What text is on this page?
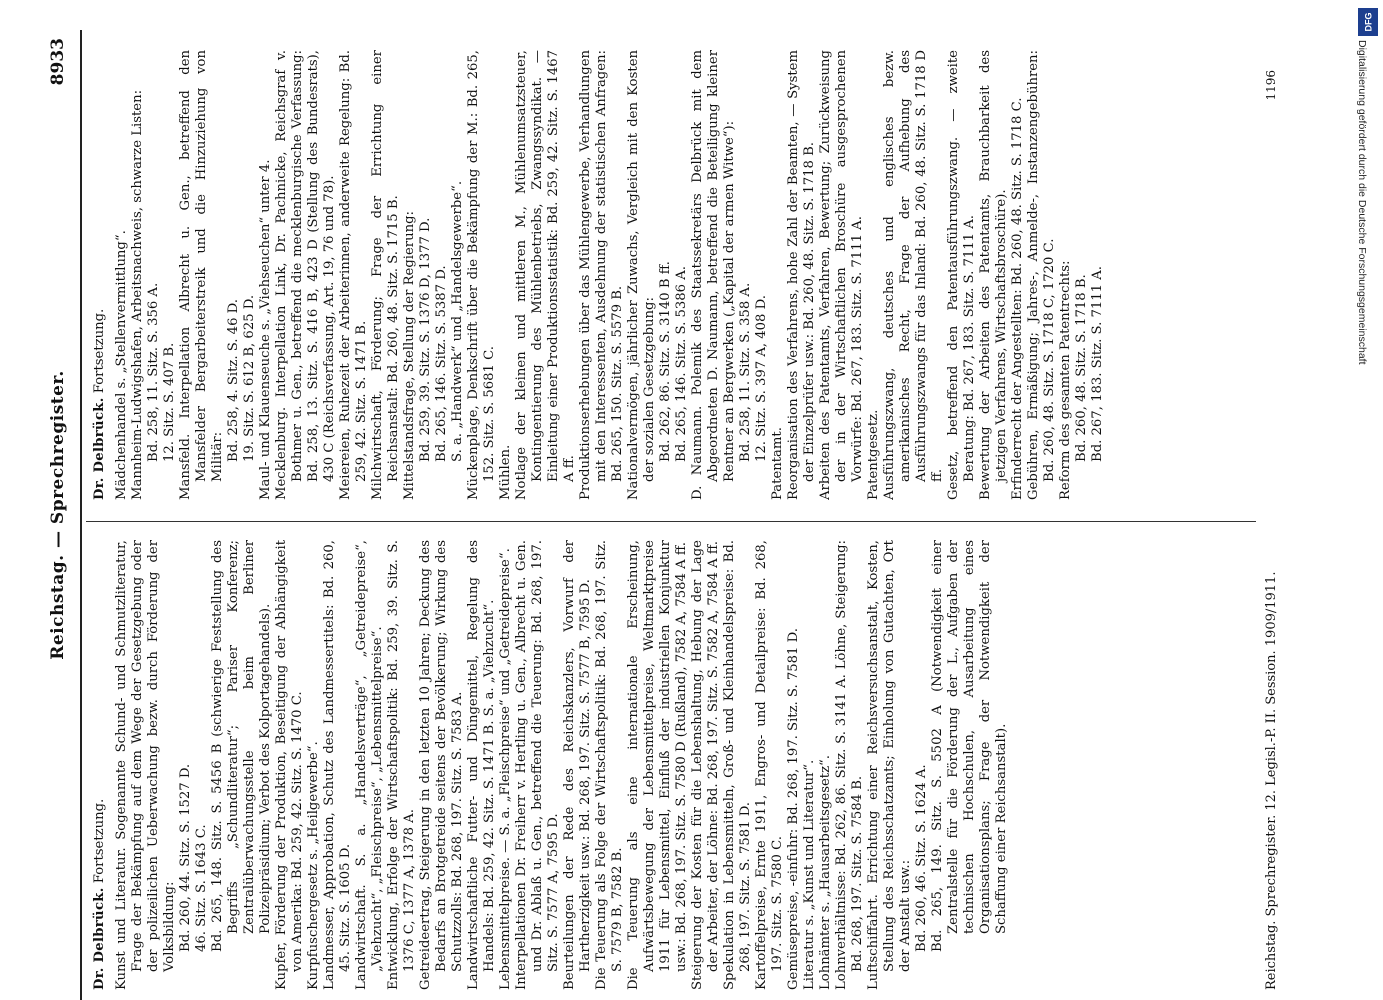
Reichstag. — Sprechregister.
8933
Dr. Delbrück. Fortsetzung. Kunst und Literatur. Sogenannte Schund- und Schmutzliteratur, Frage der Bekämpfung auf dem Wege der Gesetzgebung oder der polizeilichen Ueberwachung bezw. durch Förderung der Volksbildung: Bd. 260, 44. Sitz. S. 1527 D. 46. Sitz. S. 1643 C. Bd. 265, 148. Sitz. S. 5456 B (schwierige Feststellung des Begriffs „Schundliteratur“; Pariser Konferenz; Zentralüberwachungsstelle beim Berliner Polizeipräsidium; Verbot des Kolportagehandels). Kupfer, Förderung der Produktion, Beseitigung der Abhängigkeit von Amerika: Bd. 259, 42. Sitz. S. 1470 C. Kurpfuschergesetz s. „Heilgewerbe“. Landmesser, Approbation, Schutz des Landmessertitels: Bd. 260, 45. Sitz. S. 1605 D. Landwirtschaft. S. a. „Handelsverträge“, „Getreidepreise“, „Viehzucht“, „Fleischpreise“, „Lebensmittelpreise“. Entwicklung, Erfolge der Wirtschaftspolitik: Bd. 259, 39. Sitz. S. 1376 C, 1377 A, 1378 A. Getreideertrag, Steigerung in den letzten 10 Jahren; Deckung des Bedarfs an Brotgetreide seitens der Bevölkerung; Wirkung des Schutzzolls: Bd. 268, 197. Sitz. S. 7583 A. Landwirtschaftliche Futter- und Düngemittel, Regelung des Handels: Bd. 259, 42. Sitz. S. 1471 B. S. a. „Viehzucht“. Lebensmittelpreise. — S. a. „Fleischpreise“ und „Getreidepreise“. Interpellationen Dr. Freiherr v. Hertling u. Gen., Albrecht u. Gen. und Dr. Ablaß u. Gen., betreffend die Teuerung: Bd. 268, 197. Sitz. S. 7577 A, 7595 D. Beurteilungen der Rede des Reichskanzlers, Vorwurf der Hartherzigkeit usw.: Bd. 268, 197. Sitz. S. 7577 B, 7595 D. Die Teuerung als Folge der Wirtschaftspolitik: Bd. 268, 197. Sitz. S. 7579 B, 7582 B. Die Teuerung als eine internationale Erscheinung, Aufwärtsbewegung der Lebensmittelpreise, Weltmarktpreise 1911 für Lebensmittel, Einfluß der industriellen Konjunktur usw.: Bd. 268, 197. Sitz. S. 7580 D (Rußland), 7582 A, 7584 A ff. Steigerung der Kosten für die Lebenshaltung, Hebung der Lage der Arbeiter, der Löhne: Bd. 268, 197. Sitz. S. 7582 A, 7584 A ff. Spekulation in Lebensmitteln, Groß- und Kleinhandelspreise: Bd. 268, 197. Sitz. S. 7581 D. Kartoffelpreise, Ernte 1911, Engros- und Detailpreise: Bd. 268, 197. Sitz. S. 7580 C. Gemüsepreise, -einfuhr: Bd. 268, 197. Sitz. S. 7581 D. Literatur s. „Kunst und Literatur“. Lohnämter s. „Hausarbeitsgesetz“. Lohnverhältnisse: Bd. 262, 86. Sitz. S. 3141 A. Löhne, Steigerung: Bd. 268, 197. Sitz. S. 7584 B. Luftschiffahrt. Errichtung einer Reichsversuchsanstalt, Kosten, Stellung des Reichsschatzamts; Einholung von Gutachten, Ort der Anstalt usw.: Bd. 260, 46. Sitz. S. 1624 A. Bd. 265, 149. Sitz. S. 5502 A (Notwendigkeit einer Zentralstelle für die Förderung der L., Aufgaben der technischen Hochschulen, Ausarbeitung eines Organisationsplans; Frage der Notwendigkeit der Schaffung einer Reichsanstalt).

Dr. Delbrück. Fortsetzung. Mädchenhandel s. „Stellenvermittlung“. Mannheim-Ludwigshafen, Arbeitsnachweis, schwarze Listen: Bd. 258, 11. Sitz. S. 356 A. 12. Sitz. S. 407 B. Mansfeld. Interpellation Albrecht u. Gen., betreffend den Mansfelder Bergarbeiterstreik und die Hinzuziehung von Militär: Bd. 258, 4. Sitz. S. 46 D. 19. Sitz. S. 612 B, 625 D. Maul- und Klauenseuche s. „Viehseuchen“ unter 4. Mecklenburg. Interpellation Link, Dr. Pachnicke, Reichsgraf v. Bothmer u. Gen., betreffend die mecklenburgische Verfassung: Bd. 258, 13. Sitz. S. 416 B, 423 D (Stellung des Bundesrats), 430 C (Reichsverfassung, Art. 19, 76 und 78). Meiereien, Ruhezeit der Arbeiterinnen, anderweite Regelung: Bd. 259, 42. Sitz. S. 1471 B. Milchwirtschaft, Förderung; Frage der Errichtung einer Reichsanstalt: Bd. 260, 48. Sitz. S. 1715 B. Mittelstandsfrage, Stellung der Regierung: Bd. 259, 39. Sitz. S. 1376 D, 1377 D. Bd. 265, 146. Sitz. S. 5387 D. S. a. „Handwerk“ und „Handelsgewerbe“. Mückenplage, Denkschrift über die Bekämpfung der M.: Bd. 265, 152. Sitz. S. 5681 C. Mühlen. Notlage der kleinen und mittleren M., Mühlenumsatzsteuer, Kontingentierung des Mühlenbetriebs, Zwangssyndikat. — Einleitung einer Produktionsstatistik: Bd. 259, 42. Sitz. S. 1467 A ff. Produktionserhebungen über das Mühlengewerbe, Verhandlungen mit den Interessenten, Ausdehnung der statistischen Anfragen: Bd. 265, 150. Sitz. S. 5579 B. Nationalvermögen, jährlicher Zuwachs, Vergleich mit den Kosten der sozialen Gesetzgebung: Bd. 262, 86. Sitz. S. 3140 B ff. Bd. 265, 146. Sitz. S. 5386 A. D. Naumann. Polemik des Staatssekretärs Delbrück mit dem Abgeordneten D. Naumann, betreffend die Beteiligung kleiner Rentner an Bergwerken („Kapital der armen Witwe“): Bd. 258, 11. Sitz. S. 358 A. 12. Sitz. S. 397 A, 408 D.

Patentamt. Reorganisation des Verfahrens, hohe Zahl der Beamten, — System der Einzelprüfer usw.: Bd. 260, 48. Sitz. S. 1718 B. Arbeiten des Patentamts, Verfahren, Bewertung; Zurückweisung der in der Wirtschaftlichen Broschüre ausgesprochenen Vorwürfe: Bd. 267, 183. Sitz. S. 7111 A. Patentgesetz. Ausführungszwang, deutsches und englisches bezw. amerikanisches Recht, Frage der Aufhebung des Ausführungszwangs für das Inland: Bd. 260, 48. Sitz. S. 1718 D ff. Gesetz, betreffend den Patentausführungszwang. — zweite Beratung: Bd. 267, 183. Sitz. S. 7111 A. Bewertung der Arbeiten des Patentamts, Brauchbarkeit des jetzigen Verfahrens, Wirtschaftsbroschüre). Erfinderrecht der Angestellten: Bd. 260, 48. Sitz. S. 1718 C. Gebühren, Ermäßigung; Jahres-, Anmelde-, Instanzengebühren: Bd. 260, 48. Sitz. S. 1718 C, 1720 C. Reform des gesamten Patentrechts: Bd. 260, 48. Sitz. S. 1718 B. Bd. 267, 183. Sitz. S. 7111 A.

Reichstag. Sprechregister. 12. Legisl.-P. II. Session. 1909/1911.
1196
DFG
Digitalisierung gefördert durch die Deutsche Forschungsgemeinschaft
